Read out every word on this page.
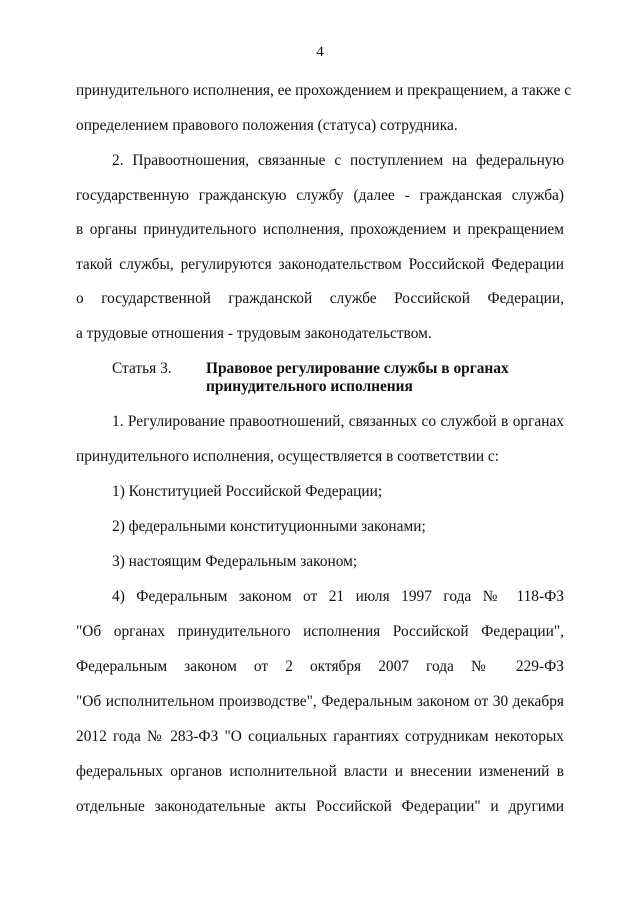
4
принудительного исполнения, ее прохождением и прекращением, а также с
определением правового положения (статуса) сотрудника.
2. Правоотношения, связанные с поступлением на федеральную
государственную гражданскую службу (далее - гражданская служба)
в органы принудительного исполнения, прохождением и прекращением
такой службы, регулируются законодательством Российской Федерации
о государственной гражданской службе Российской Федерации,
а трудовые отношения - трудовым законодательством.
Статья 3. Правовое регулирование службы в органах
принудительного исполнения
1. Регулирование правоотношений, связанных со службой в органах
принудительного исполнения, осуществляется в соответствии с:
1) Конституцией Российской Федерации;
2) федеральными конституционными законами;
3) настоящим Федеральным законом;
4) Федеральным законом от 21 июля 1997 года № 118-ФЗ
"Об органах принудительного исполнения Российской Федерации",
Федеральным законом от 2 октября 2007 года № 229-ФЗ
"Об исполнительном производстве", Федеральным законом от 30 декабря
2012 года № 283-ФЗ "О социальных гарантиях сотрудникам некоторых
федеральных органов исполнительной власти и внесении изменений в
отдельные законодательные акты Российской Федерации" и другими
